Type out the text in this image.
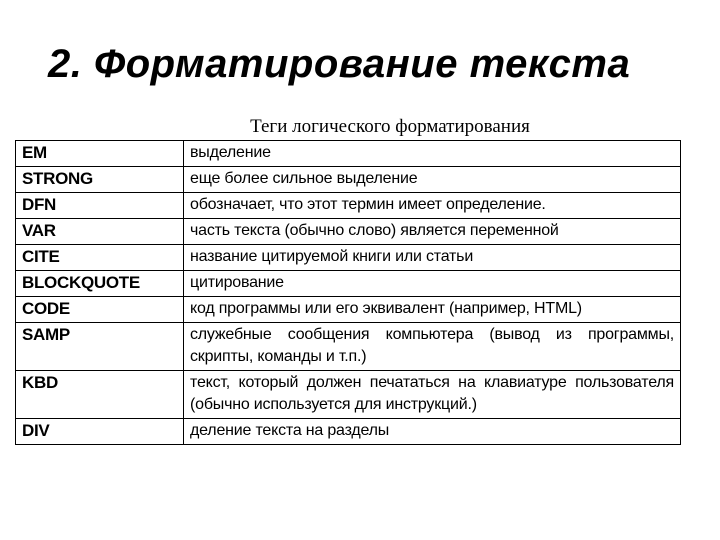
2. Форматирование текста
Теги логического форматирования
EM	выделение
STRONG	еще более сильное выделение
DFN	обозначает, что этот термин имеет определение.
VAR	часть текста (обычно слово) является переменной
CITE	название цитируемой книги или статьи
BLOCKQUOTE	цитирование
CODE	код программы или его эквивалент (например, HTML)
SAMP	служебные сообщения компьютера (вывод из программы, скрипты, команды и т.п.)
KBD	текст, который должен печататься на клавиатуре пользователя (обычно используется для инструкций.)
DIV	деление текста на разделы
